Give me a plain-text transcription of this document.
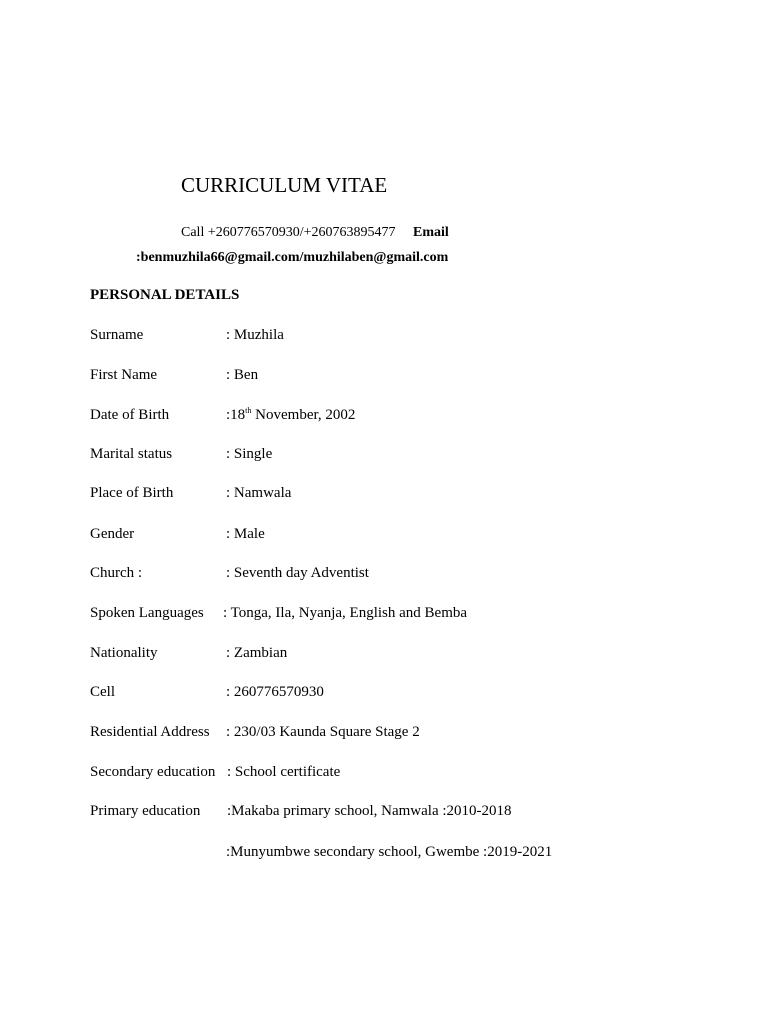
CURRICULUM VITAE
Call +260776570930/+260763895477 Email
:benmuzhila66@gmail.com/muzhilaben@gmail.com
PERSONAL DETAILS
Surname	: Muzhila
First Name	: Ben
Date of Birth	:18th November, 2002
Marital status	: Single
Place of Birth	: Namwala
Gender	: Male
Church :	: Seventh day Adventist
Spoken Languages : Tonga, Ila, Nyanja, English and Bemba
Nationality	: Zambian
Cell	: 260776570930
Residential Address : 230/03 Kaunda Square Stage 2
Secondary education : School certificate
Primary education :Makaba primary school, Namwala :2010-2018
:Munyumbwe secondary school, Gwembe :2019-2021
